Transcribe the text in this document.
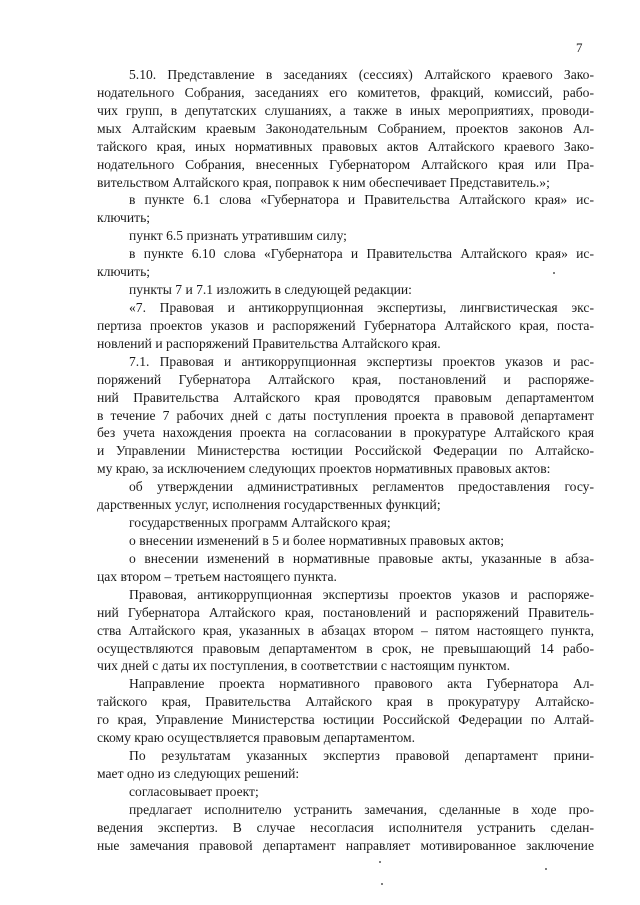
7
5.10. Представление в заседаниях (сессиях) Алтайского краевого Зако-
нодательного Собрания, заседаниях его комитетов, фракций, комиссий, рабо-
чих групп, в депутатских слушаниях, а также в иных мероприятиях, проводи-
мых Алтайским краевым Законодательным Собранием, проектов законов Ал-
тайского края, иных нормативных правовых актов Алтайского краевого Зако-
нодательного Собрания, внесенных Губернатором Алтайского края или Пра-
вительством Алтайского края, поправок к ним обеспечивает Представитель.»;
в пункте 6.1 слова «Губернатора и Правительства Алтайского края» ис-
ключить;
пункт 6.5 признать утратившим силу;
в пункте 6.10 слова «Губернатора и Правительства Алтайского края» ис-
ключить;
пункты 7 и 7.1 изложить в следующей редакции:
«7. Правовая и антикоррупционная экспертизы, лингвистическая экс-
пертиза проектов указов и распоряжений Губернатора Алтайского края, поста-
новлений и распоряжений Правительства Алтайского края.
7.1. Правовая и антикоррупционная экспертизы проектов указов и рас-
поряжений Губернатора Алтайского края, постановлений и распоряже-
ний Правительства Алтайского края проводятся правовым департаментом
в течение 7 рабочих дней с даты поступления проекта в правовой департамент
без учета нахождения проекта на согласовании в прокуратуре Алтайского края
и Управлении Министерства юстиции Российской Федерации по Алтайско-
му краю, за исключением следующих проектов нормативных правовых актов:
об утверждении административных регламентов предоставления госу-
дарственных услуг, исполнения государственных функций;
государственных программ Алтайского края;
о внесении изменений в 5 и более нормативных правовых актов;
о внесении изменений в нормативные правовые акты, указанные в абза-
цах втором – третьем настоящего пункта.
Правовая, антикоррупционная экспертизы проектов указов и распоряже-
ний Губернатора Алтайского края, постановлений и распоряжений Правитель-
ства Алтайского края, указанных в абзацах втором – пятом настоящего пункта,
осуществляются правовым департаментом в срок, не превышающий 14 рабо-
чих дней с даты их поступления, в соответствии с настоящим пунктом.
Направление проекта нормативного правового акта Губернатора Ал-
тайского края, Правительства Алтайского края в прокуратуру Алтайско-
го края, Управление Министерства юстиции Российской Федерации по Алтай-
скому краю осуществляется правовым департаментом.
По результатам указанных экспертиз правовой департамент прини-
мает одно из следующих решений:
согласовывает проект;
предлагает исполнителю устранить замечания, сделанные в ходе про-
ведения экспертиз. В случае несогласия исполнителя устранить сделан-
ные замечания правовой департамент направляет мотивированное заключение
